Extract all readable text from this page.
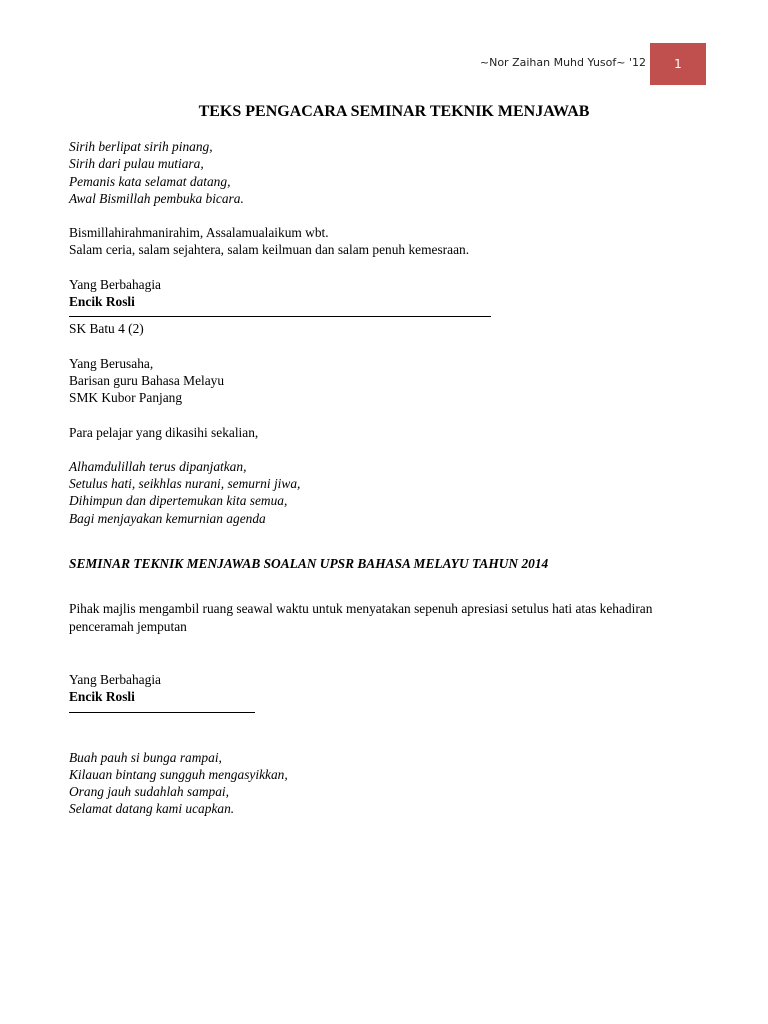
~Nor Zaihan Muhd Yusof~ '12	1
TEKS PENGACARA SEMINAR TEKNIK MENJAWAB
Sirih berlipat sirih pinang,
Sirih dari pulau mutiara,
Pemanis kata selamat datang,
Awal Bismillah pembuka bicara.
Bismillahirahmanirahim, Assalamualaikum wbt.
Salam ceria, salam sejahtera, salam keilmuan dan salam penuh kemesraan.
Yang Berbahagia
Encik Rosli
SK Batu 4 (2)
Yang Berusaha,
Barisan guru Bahasa Melayu
SMK Kubor Panjang
Para pelajar yang dikasihi sekalian,
Alhamdulillah terus dipanjatkan,
Setulus hati, seikhlas nurani, semurni jiwa,
Dihimpun dan dipertemukan kita semua,
Bagi menjayakan kemurnian agenda
SEMINAR TEKNIK MENJAWAB SOALAN UPSR BAHASA MELAYU TAHUN 2014
Pihak majlis mengambil ruang seawal waktu untuk menyatakan sepenuh apresiasi setulus hati atas kehadiran penceramah jemputan
Yang Berbahagia
Encik Rosli
Buah pauh si bunga rampai,
Kilauan bintang sungguh mengasyikkan,
Orang jauh sudahlah sampai,
Selamat datang kami ucapkan.
